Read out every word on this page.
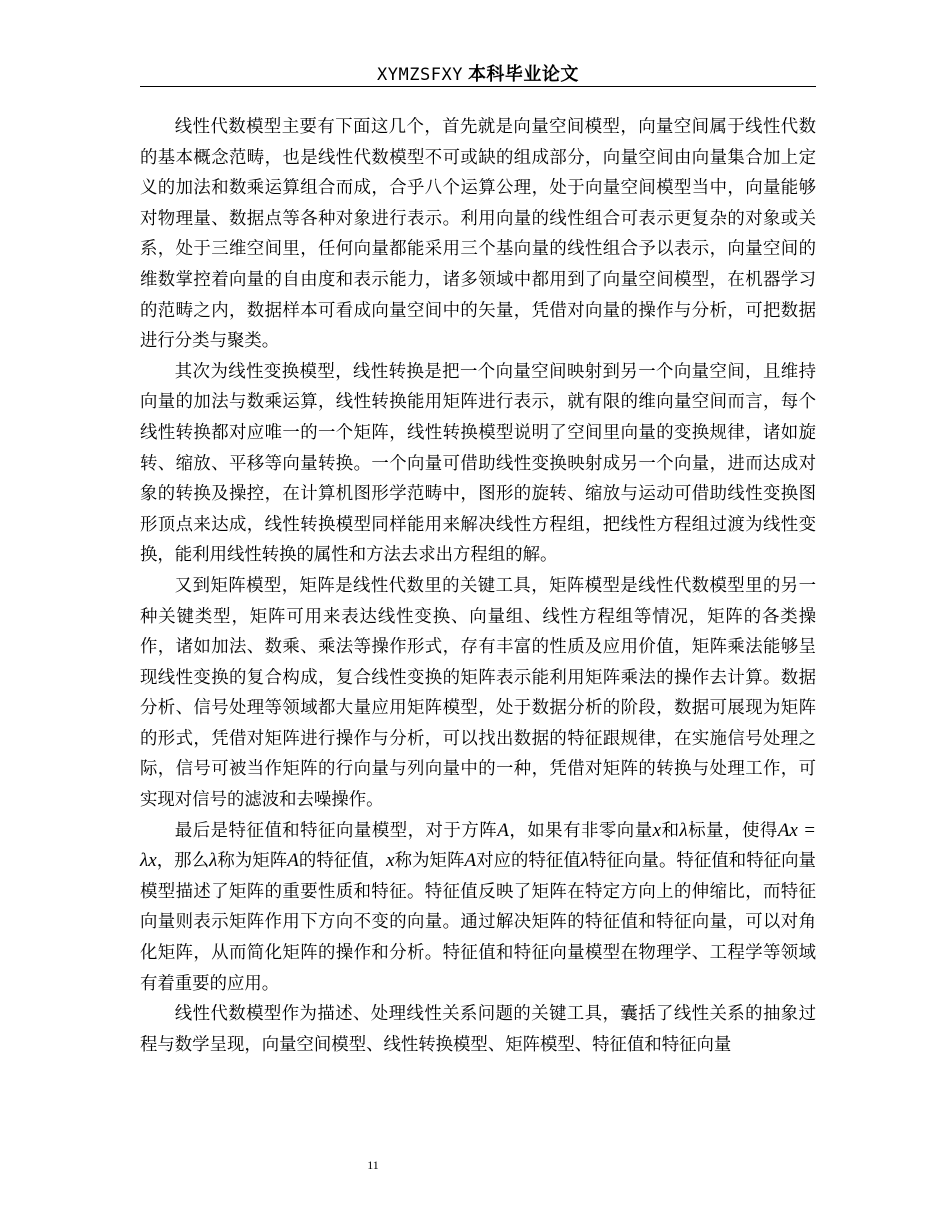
XYMZSFXY 本科毕业论文

线性代数模型主要有下面这几个，首先就是向量空间模型，向量空间属于线性代数的基本概念范畴，也是线性代数模型不可或缺的组成部分，向量空间由向量集合加上定义的加法和数乘运算组合而成，合乎八个运算公理，处于向量空间模型当中，向量能够对物理量、数据点等各种对象进行表示。利用向量的线性组合可表示更复杂的对象或关系，处于三维空间里，任何向量都能采用三个基向量的线性组合予以表示，向量空间的维数掌控着向量的自由度和表示能力，诸多领域中都用到了向量空间模型，在机器学习的范畴之内，数据样本可看成向量空间中的矢量，凭借对向量的操作与分析，可把数据进行分类与聚类。

其次为线性变换模型，线性转换是把一个向量空间映射到另一个向量空间，且维持向量的加法与数乘运算，线性转换能用矩阵进行表示，就有限的维向量空间而言，每个线性转换都对应唯一的一个矩阵，线性转换模型说明了空间里向量的变换规律，诸如旋转、缩放、平移等向量转换。一个向量可借助线性变换映射成另一个向量，进而达成对象的转换及操控，在计算机图形学范畴中，图形的旋转、缩放与运动可借助线性变换图形顶点来达成，线性转换模型同样能用来解决线性方程组，把线性方程组过渡为线性变换，能利用线性转换的属性和方法去求出方程组的解。

又到矩阵模型，矩阵是线性代数里的关键工具，矩阵模型是线性代数模型里的另一种关键类型，矩阵可用来表达线性变换、向量组、线性方程组等情况，矩阵的各类操作，诸如加法、数乘、乘法等操作形式，存有丰富的性质及应用价值，矩阵乘法能够呈现线性变换的复合构成，复合线性变换的矩阵表示能利用矩阵乘法的操作去计算。数据分析、信号处理等领域都大量应用矩阵模型，处于数据分析的阶段，数据可展现为矩阵的形式，凭借对矩阵进行操作与分析，可以找出数据的特征跟规律，在实施信号处理之际，信号可被当作矩阵的行向量与列向量中的一种，凭借对矩阵的转换与处理工作，可实现对信号的滤波和去噪操作。

最后是特征值和特征向量模型，对于方阵A，如果有非零向量x和λ标量，使得Ax = λx，那么λ称为矩阵A的特征值，x称为矩阵A对应的特征值λ特征向量。特征值和特征向量模型描述了矩阵的重要性质和特征。特征值反映了矩阵在特定方向上的伸缩比，而特征向量则表示矩阵作用下方向不变的向量。通过解决矩阵的特征值和特征向量，可以对角化矩阵，从而简化矩阵的操作和分析。特征值和特征向量模型在物理学、工程学等领域有着重要的应用。

线性代数模型作为描述、处理线性关系问题的关键工具，囊括了线性关系的抽象过程与数学呈现，向量空间模型、线性转换模型、矩阵模型、特征值和特征向量

11
